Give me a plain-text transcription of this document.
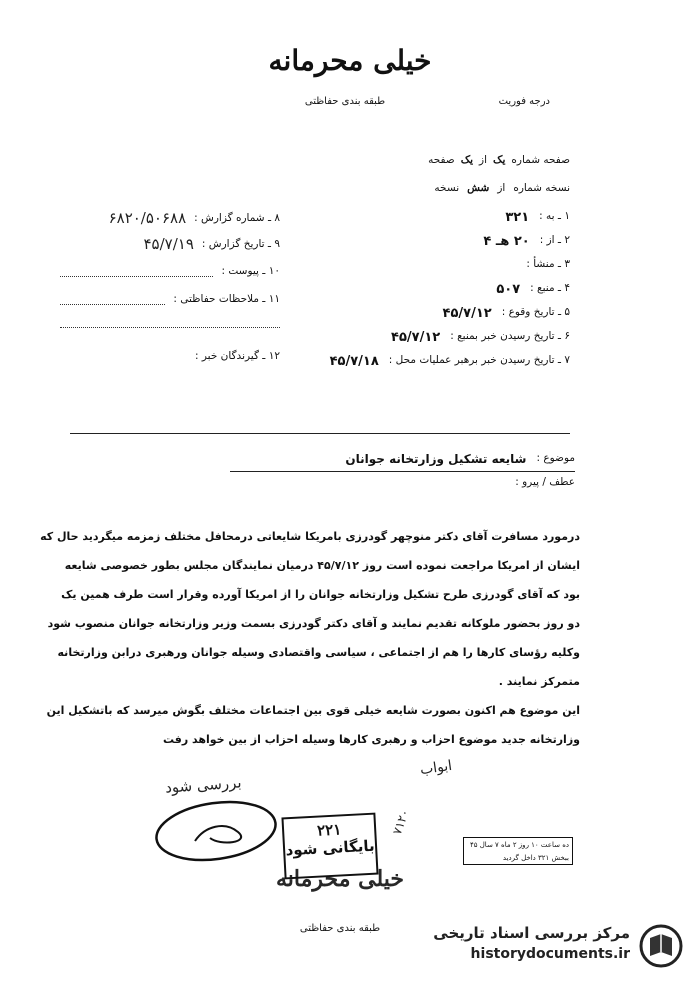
خیلی محرمانه
طبقه بندی حفاظتی	درجه فوریت
صفحه شماره
یک
از
یک
صفحه
نسخه شماره
از
شش
نسخه
۱ ـ به :
۳۲۱
۲ ـ از :
۲۰ هـ ۴
۳ ـ منشأ :
۴ ـ منبع :
۵۰۷
۵ ـ تاریخ وقوع :
۴۵/۷/۱۲
۶ ـ تاریخ رسیدن خبر بمنبع :
۴۵/۷/۱۲
۷ ـ تاریخ رسیدن خبر برهبر عملیات محل :
۴۵/۷/۱۸
۸ ـ شماره گزارش :
۶۸۲۰/۵۰۶۸۸
۹ ـ تاریخ گزارش :
۴۵/۷/۱۹
۱۰ ـ پیوست :
۱۱ ـ ملاحظات حفاظتی :
۱۲ ـ گیرندگان خبر :
موضوع :
شایعه تشکیل وزارتخانه جوانان
عطف / پیرو :
درمورد مسافرت آقای دکتر منوچهر گودرزی بامریکا شایعاتی درمحافل مختلف زمزمه میگردید حال که
ایشان از امریکا مراجعت نموده است روز ۴۵/۷/۱۲ درمیان نمایندگان مجلس بطور خصوصی شایعه
بود که آقای گودرزی طرح تشکیل وزارتخانه جوانان را از امریکا آورده وقرار است طرف همین یک
دو روز بحضور ملوکانه تقدیم نمایند و آقای دکتر گودرزی بسمت وزیر وزارتخانه جوانان منصوب شود
وکلیه رؤسای کارها را هم از اجتماعی ، سیاسی واقتصادی وسیله جوانان ورهبری درابن وزارتخانه
متمرکز نمایند .
این موضوع هم اکنون بصورت شایعه خیلی قوی بین اجتماعات مختلف بگوش میرسد که باتشکیل این
وزارتخانه جدید موضوع احزاب و رهبری کارها وسیله احزاب از بین خواهد رفت
بررسی شود
ابواب
۷۱۲۰
۲۲۱
بایگانی شود	ده ساعت ۱۰ روز ۲ ماه ۷ سال ۴۵
ببخش ۳۲۱ داخل گردید
خیلی محرمانه
طبقه بندی حفاظتی	مرکز بررسی اسناد تاریخی
historydocuments.ir
